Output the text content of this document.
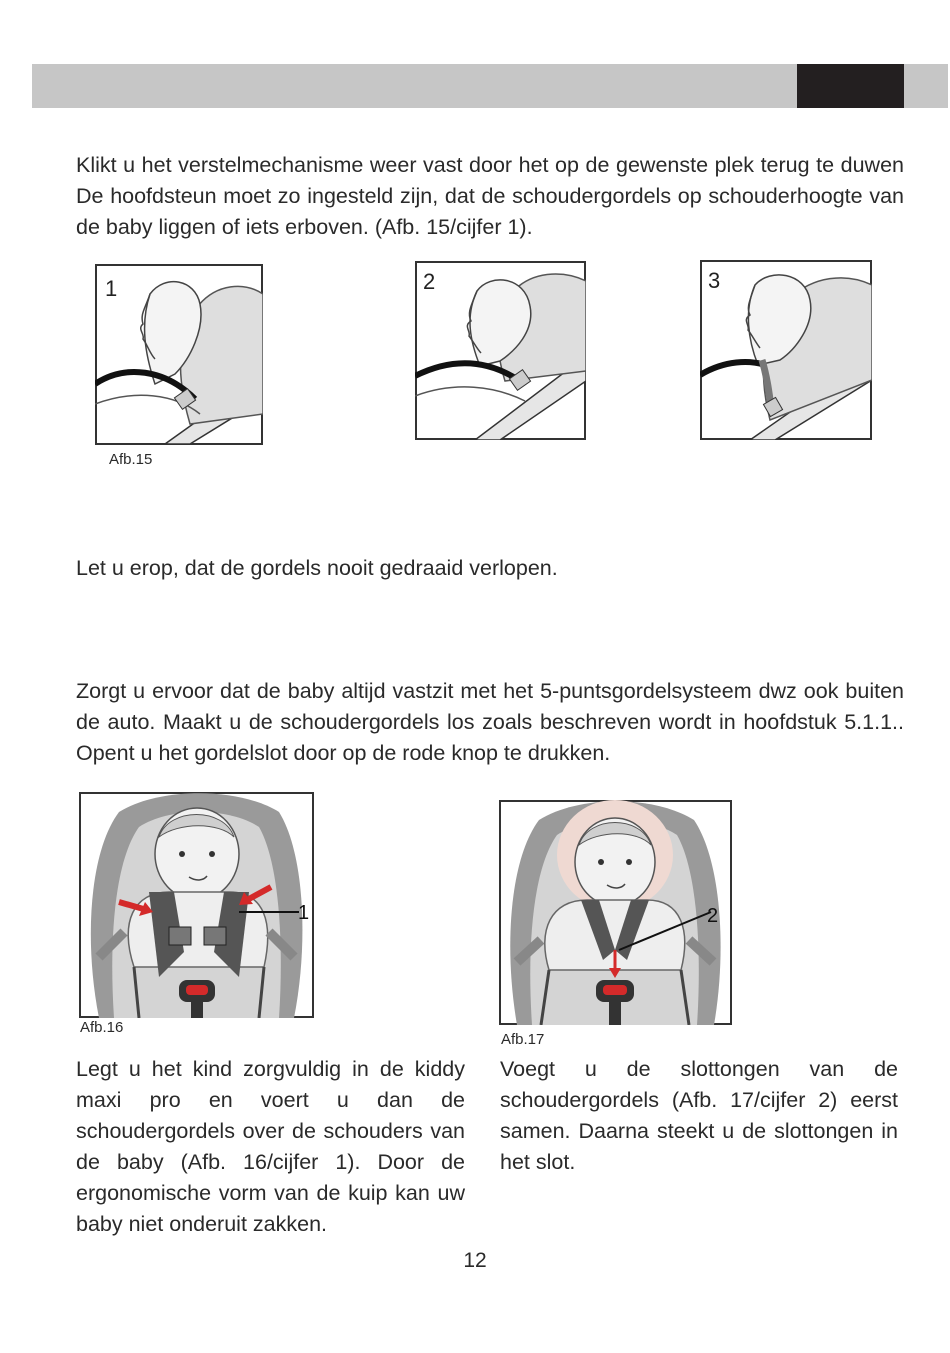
Klikt u het verstelmechanisme weer vast door het op de gewenste plek terug te duwen De hoofdsteun moet zo ingesteld zijn, dat de schoudergordels op schouderhoogte van de baby liggen of iets erboven. (Afb. 15/cijfer 1).

1	2	3
Afb.15

Let u erop, dat de gordels nooit gedraaid verlopen.

Zorgt u ervoor dat de baby altijd vastzit met het 5-puntsgordelsysteem dwz ook buiten de auto. Maakt u de schoudergordels los zoals beschreven wordt in hoofdstuk 5.1.1.. Opent u het gordelslot door op de rode knop te drukken.

1
Afb.16
2
Afb.17

Legt u het kind zorgvuldig in de kiddy maxi pro en voert u dan de schoudergordels over de schouders van de baby (Afb. 16/cijfer 1). Door de ergonomische vorm van de kuip kan uw baby niet onderuit zakken.

Voegt u de slottongen van de schoudergordels (Afb. 17/cijfer 2) eerst samen. Daarna steekt u de slottongen in het slot.

12
